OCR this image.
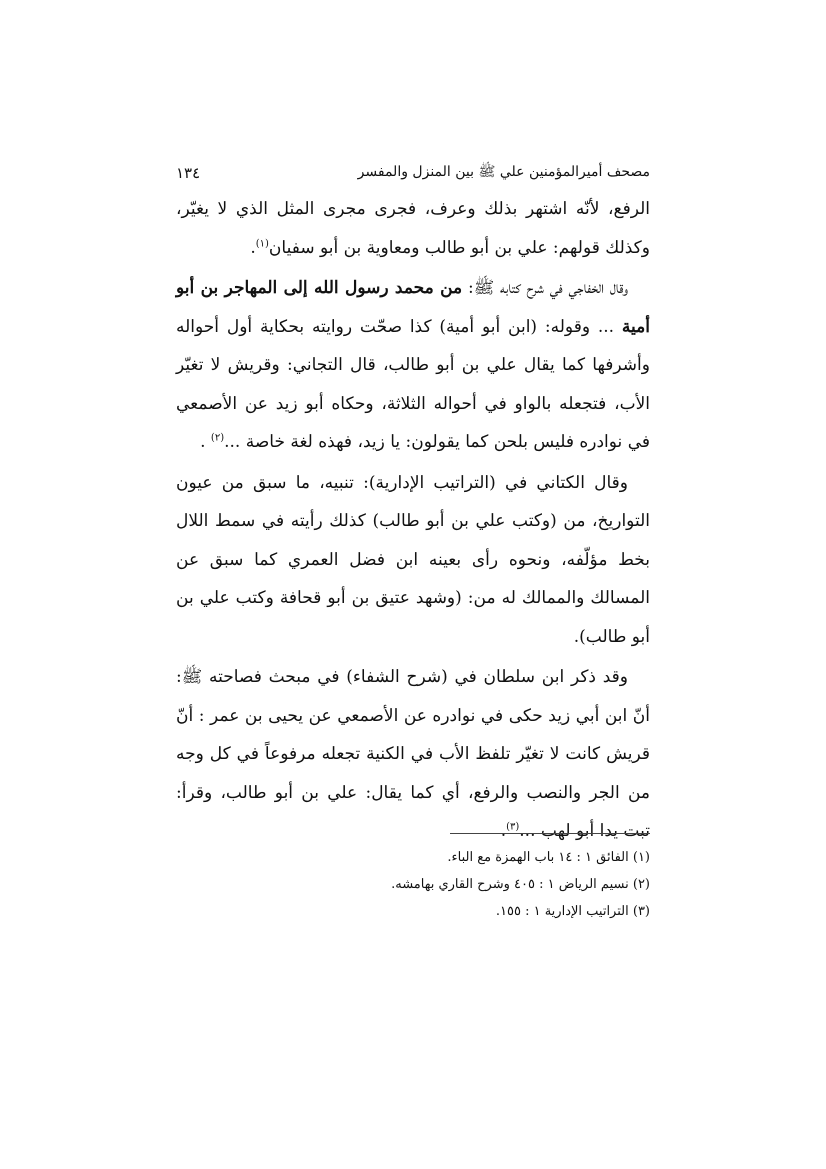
مصحف أميرالمؤمنين علي ﷺ بين المنزل والمفسر
١٣٤

الرفع، لأنّه اشتهر بذلك وعرف، فجرى مجرى المثل الذي لا يغيّر، وكذلك قولهم: علي بن أبو طالب ومعاوية بن أبو سفيان$^{(١)}$.

وقال الخفاجي في شرح كتابه ﷺ: من محمد رسول الله إلى المهاجر بن أبو أمية ... وقوله: (ابن أبو أمية) كذا صحّت روايته بحكاية أول أحواله وأشرفها كما يقال علي بن أبو طالب، قال التجاني: وقريش لا تغيّر الأب، فتجعله بالواو في أحواله الثلاثة، وحكاه أبو زيد عن الأصمعي في نوادره فليس بلحن كما يقولون: يا زيد، فهذه لغة خاصة ...$^{(٢)}$ .

وقال الكتاني في (التراتيب الإدارية): تنبيه، ما سبق من عيون التواريخ، من (وكتب علي بن أبو طالب) كذلك رأيته في سمط اللال بخط مؤلّفه، ونحوه رأى بعينه ابن فضل العمري كما سبق عن المسالك والممالك له من: (وشهد عتيق بن أبو قحافة وكتب علي بن أبو طالب).

وقد ذكر ابن سلطان في (شرح الشفاء) في مبحث فصاحته ﷺ: أنّ ابن أبي زيد حكى في نوادره عن الأصمعي عن يحيى بن عمر : أنّ قريش كانت لا تغيّر تلفظ الأب في الكنية تجعله مرفوعاً في كل وجه من الجر والنصب والرفع، أي كما يقال: علي بن أبو طالب، وقرأ: تبت يدا أبو لهب ...$^{(٣)}$.

(١) الفائق ١ : ١٤ باب الهمزة مع الباء.

(٢) نسيم الرياض ١ : ٤٠٥ وشرح القاري بهامشه.

(٣) التراتيب الإدارية ١ : ١٥٥.
